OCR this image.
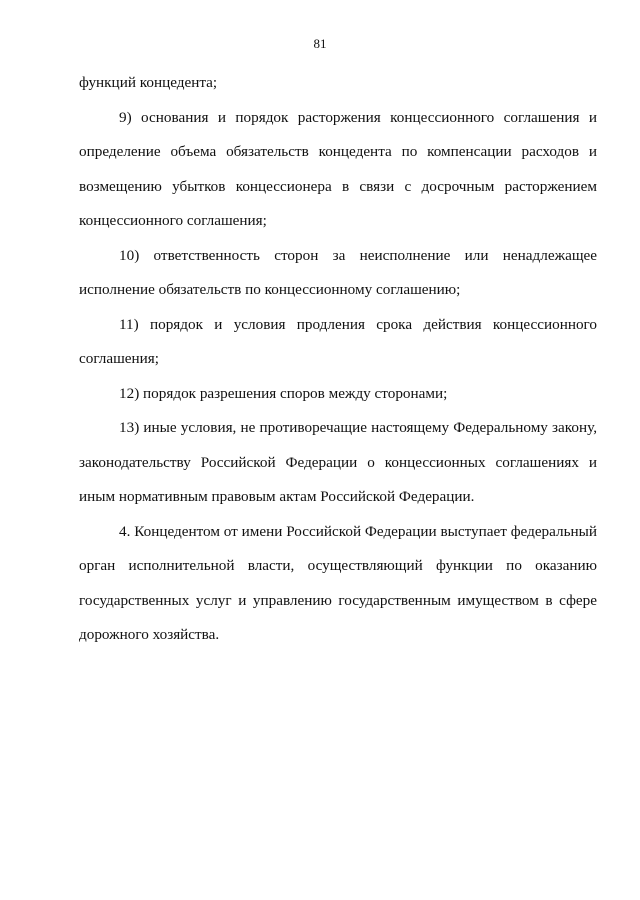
81
функций концедента;
9) основания и порядок расторжения концессионного соглашения и
определение объема обязательств концедента по компенсации расходов и
возмещению убытков концессионера в связи с досрочным расторжением
концессионного соглашения;
10) ответственность сторон за неисполнение или ненадлежащее
исполнение обязательств по концессионному соглашению;
11) порядок и условия продления срока действия концессионного
соглашения;
12) порядок разрешения споров между сторонами;
13) иные условия, не противоречащие настоящему Федеральному закону,
законодательству Российской Федерации о концессионных соглашениях и
иным нормативным правовым актам Российской Федерации.
4. Концедентом от имени Российской Федерации выступает федеральный
орган исполнительной власти, осуществляющий функции по оказанию
государственных услуг и управлению государственным имуществом в сфере
дорожного хозяйства.
